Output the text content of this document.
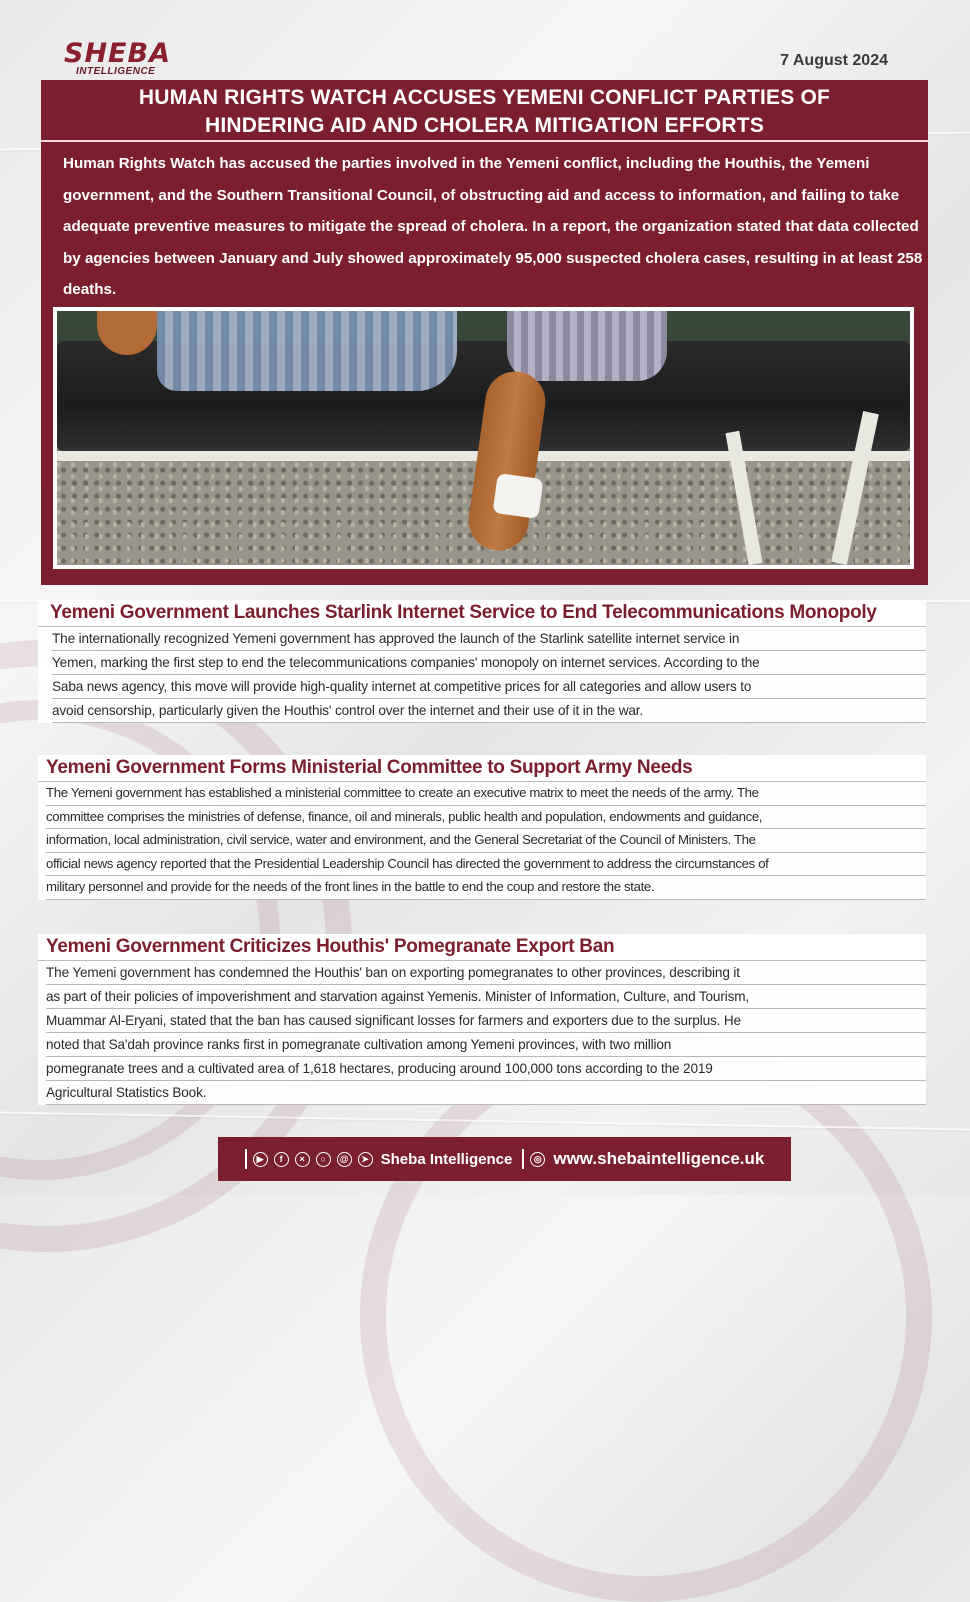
SHEBA
INTELLIGENCE
7 August 2024
HUMAN RIGHTS WATCH ACCUSES YEMENI CONFLICT PARTIES OF
HINDERING AID AND CHOLERA MITIGATION EFFORTS
Human Rights Watch has accused the parties involved in the Yemeni conflict, including the Houthis, the Yemeni government, and the Southern Transitional Council, of obstructing aid and access to information, and failing to take adequate preventive measures to mitigate the spread of cholera. In a report, the organization stated that data collected by agencies between January and July showed approximately 95,000 suspected cholera cases, resulting in at least 258 deaths.
Yemeni Government Launches Starlink Internet Service to End Telecommunications Monopoly
The internationally recognized Yemeni government has approved the launch of the Starlink satellite internet service in
Yemen, marking the first step to end the telecommunications companies' monopoly on internet services. According to the
Saba news agency, this move will provide high-quality internet at competitive prices for all categories and allow users to
avoid censorship, particularly given the Houthis' control over the internet and their use of it in the war.
Yemeni Government Forms Ministerial Committee to Support Army Needs
The Yemeni government has established a ministerial committee to create an executive matrix to meet the needs of the army. The
committee comprises the ministries of defense, finance, oil and minerals, public health and population, endowments and guidance,
information, local administration, civil service, water and environment, and the General Secretariat of the Council of Ministers. The
official news agency reported that the Presidential Leadership Council has directed the government to address the circumstances of
military personnel and provide for the needs of the front lines in the battle to end the coup and restore the state.
Yemeni Government Criticizes Houthis' Pomegranate Export Ban
The Yemeni government has condemned the Houthis' ban on exporting pomegranates to other provinces, describing it
as part of their policies of impoverishment and starvation against Yemenis. Minister of Information, Culture, and Tourism,
Muammar Al-Eryani, stated that the ban has caused significant losses for farmers and exporters due to the surplus. He
noted that Sa'dah province ranks first in pomegranate cultivation among Yemeni provinces, with two million
pomegranate trees and a cultivated area of 1,618 hectares, producing around 100,000 tons according to the 2019
Agricultural Statistics Book.
▶	f	×	○	@	➤ Sheba Intelligence	◎ www.shebaintelligence.uk
